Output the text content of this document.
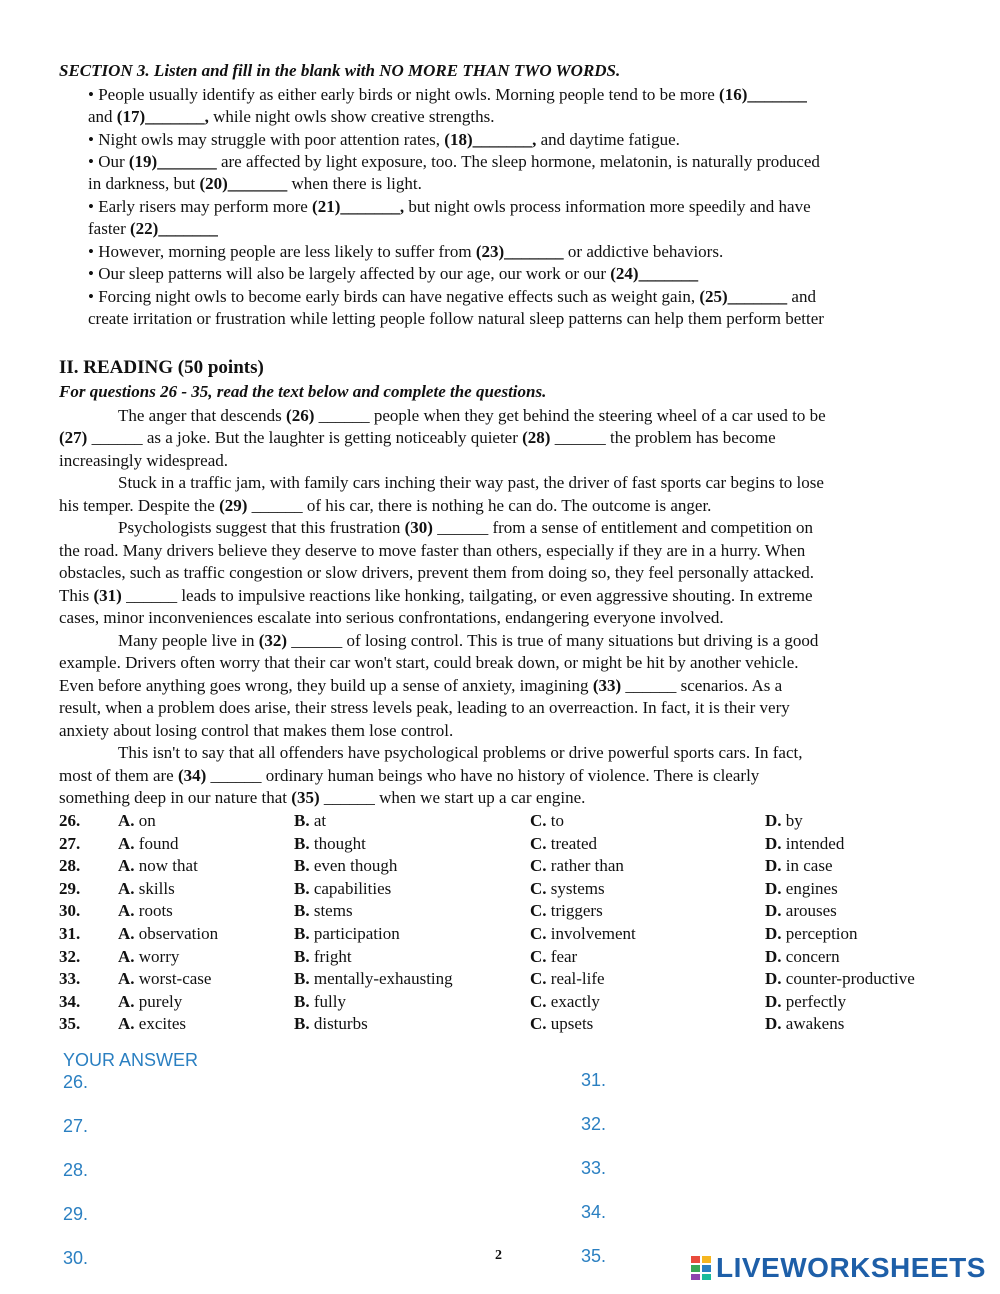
SECTION 3. Listen and fill in the blank with NO MORE THAN TWO WORDS.
• People usually identify as either early birds or night owls. Morning people tend to be more (16)_______
and (17)_______, while night owls show creative strengths.
• Night owls may struggle with poor attention rates, (18)_______, and daytime fatigue.
• Our (19)_______ are affected by light exposure, too. The sleep hormone, melatonin, is naturally produced
in darkness, but (20)_______ when there is light.
• Early risers may perform more (21)_______, but night owls process information more speedily and have
faster (22)_______
• However, morning people are less likely to suffer from (23)_______ or addictive behaviors.
• Our sleep patterns will also be largely affected by our age, our work or our (24)_______
• Forcing night owls to become early birds can have negative effects such as weight gain, (25)_______ and
create irritation or frustration while letting people follow natural sleep patterns can help them perform better
II. READING (50 points)
For questions 26 - 35, read the text below and complete the questions.
The anger that descends (26) ______ people when they get behind the steering wheel of a car used to be
(27) ______ as a joke. But the laughter is getting noticeably quieter (28) ______ the problem has become
increasingly widespread.
Stuck in a traffic jam, with family cars inching their way past, the driver of fast sports car begins to lose
his temper. Despite the (29) ______ of his car, there is nothing he can do. The outcome is anger.
Psychologists suggest that this frustration (30) ______ from a sense of entitlement and competition on
the road. Many drivers believe they deserve to move faster than others, especially if they are in a hurry. When
obstacles, such as traffic congestion or slow drivers, prevent them from doing so, they feel personally attacked.
This (31) ______ leads to impulsive reactions like honking, tailgating, or even aggressive shouting. In extreme
cases, minor inconveniences escalate into serious confrontations, endangering everyone involved.
Many people live in (32) ______ of losing control. This is true of many situations but driving is a good
example. Drivers often worry that their car won't start, could break down, or might be hit by another vehicle.
Even before anything goes wrong, they build up a sense of anxiety, imagining (33) ______ scenarios. As a
result, when a problem does arise, their stress levels peak, leading to an overreaction. In fact, it is their very
anxiety about losing control that makes them lose control.
This isn't to say that all offenders have psychological problems or drive powerful sports cars. In fact,
most of them are (34) ______ ordinary human beings who have no history of violence. There is clearly
something deep in our nature that (35) ______ when we start up a car engine.
26. A. on	B. at	C. to	D. by
27. A. found	B. thought	C. treated	D. intended
28. A. now that	B. even though	C. rather than	D. in case
29. A. skills	B. capabilities	C. systems	D. engines
30. A. roots	B. stems	C. triggers	D. arouses
31. A. observation	B. participation	C. involvement	D. perception
32. A. worry	B. fright	C. fear	D. concern
33. A. worst-case	B. mentally-exhausting	C. real-life	D. counter-productive
34. A. purely	B. fully	C. exactly	D. perfectly
35. A. excites	B. disturbs	C. upsets	D. awakens
YOUR ANSWER
26.
27.
28.
29.
30.
31.
32.
33.
34.
35.
2	LIVEWORKSHEETS
